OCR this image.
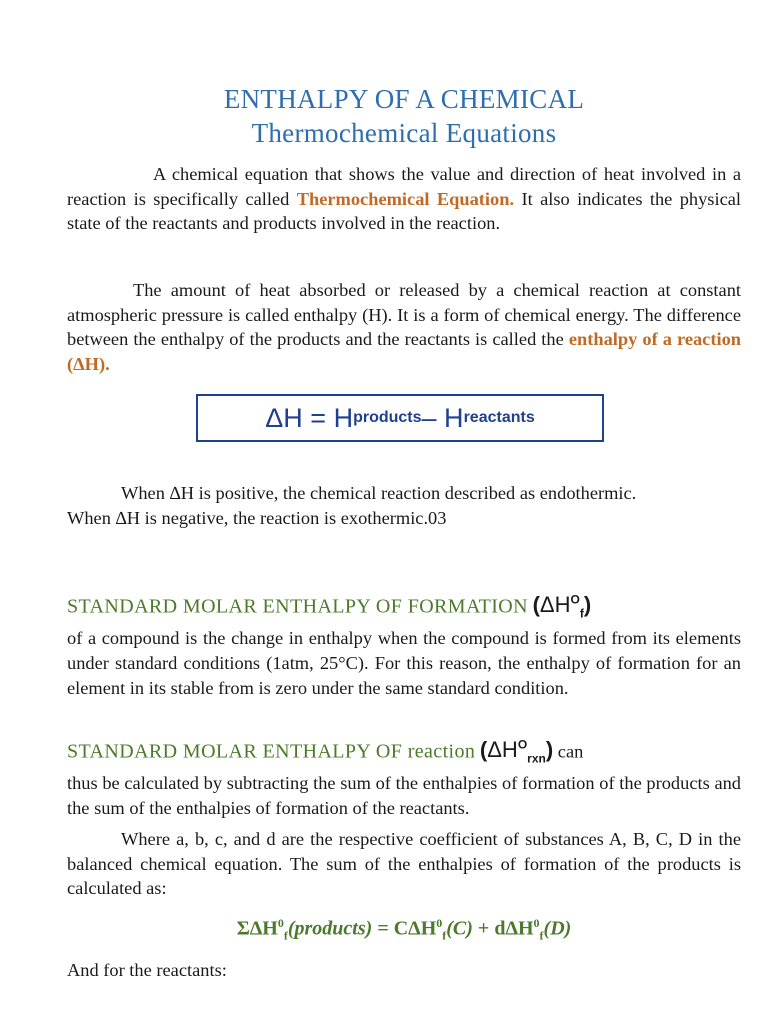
ENTHALPY OF A CHEMICAL
Thermochemical Equations
A chemical equation that shows the value and direction of heat involved in a reaction is specifically called Thermochemical Equation. It also indicates the physical state of the reactants and products involved in the reaction.
The amount of heat absorbed or released by a chemical reaction at constant atmospheric pressure is called enthalpy (H). It is a form of chemical energy. The difference between the enthalpy of the products and the reactants is called the enthalpy of a reaction (ΔH).
ΔH = H products – H reactants
When ∆H is positive, the chemical reaction described as endothermic.
When ∆H is negative, the reaction is exothermic.03
STANDARD MOLAR ENTHALPY OF FORMATION $(\Delta H^O_f)$
of a compound is the change in enthalpy when the compound is formed from its elements under standard conditions (1atm, 25°C). For this reason, the enthalpy of formation for an element in its stable from is zero under the same standard condition.
STANDARD MOLAR ENTHALPY OF reaction $(\Delta H^O_{rxn})$ can
thus be calculated by subtracting the sum of the enthalpies of formation of the products and the sum of the enthalpies of formation of the reactants.
Where a, b, c, and d are the respective coefficient of substances A, B, C, D in the balanced chemical equation. The sum of the enthalpies of formation of the products is calculated as:
$\Sigma\Delta H^0_f(products) = C\Delta H^0_f(C) + d\Delta H^0_f(D)$
And for the reactants:
